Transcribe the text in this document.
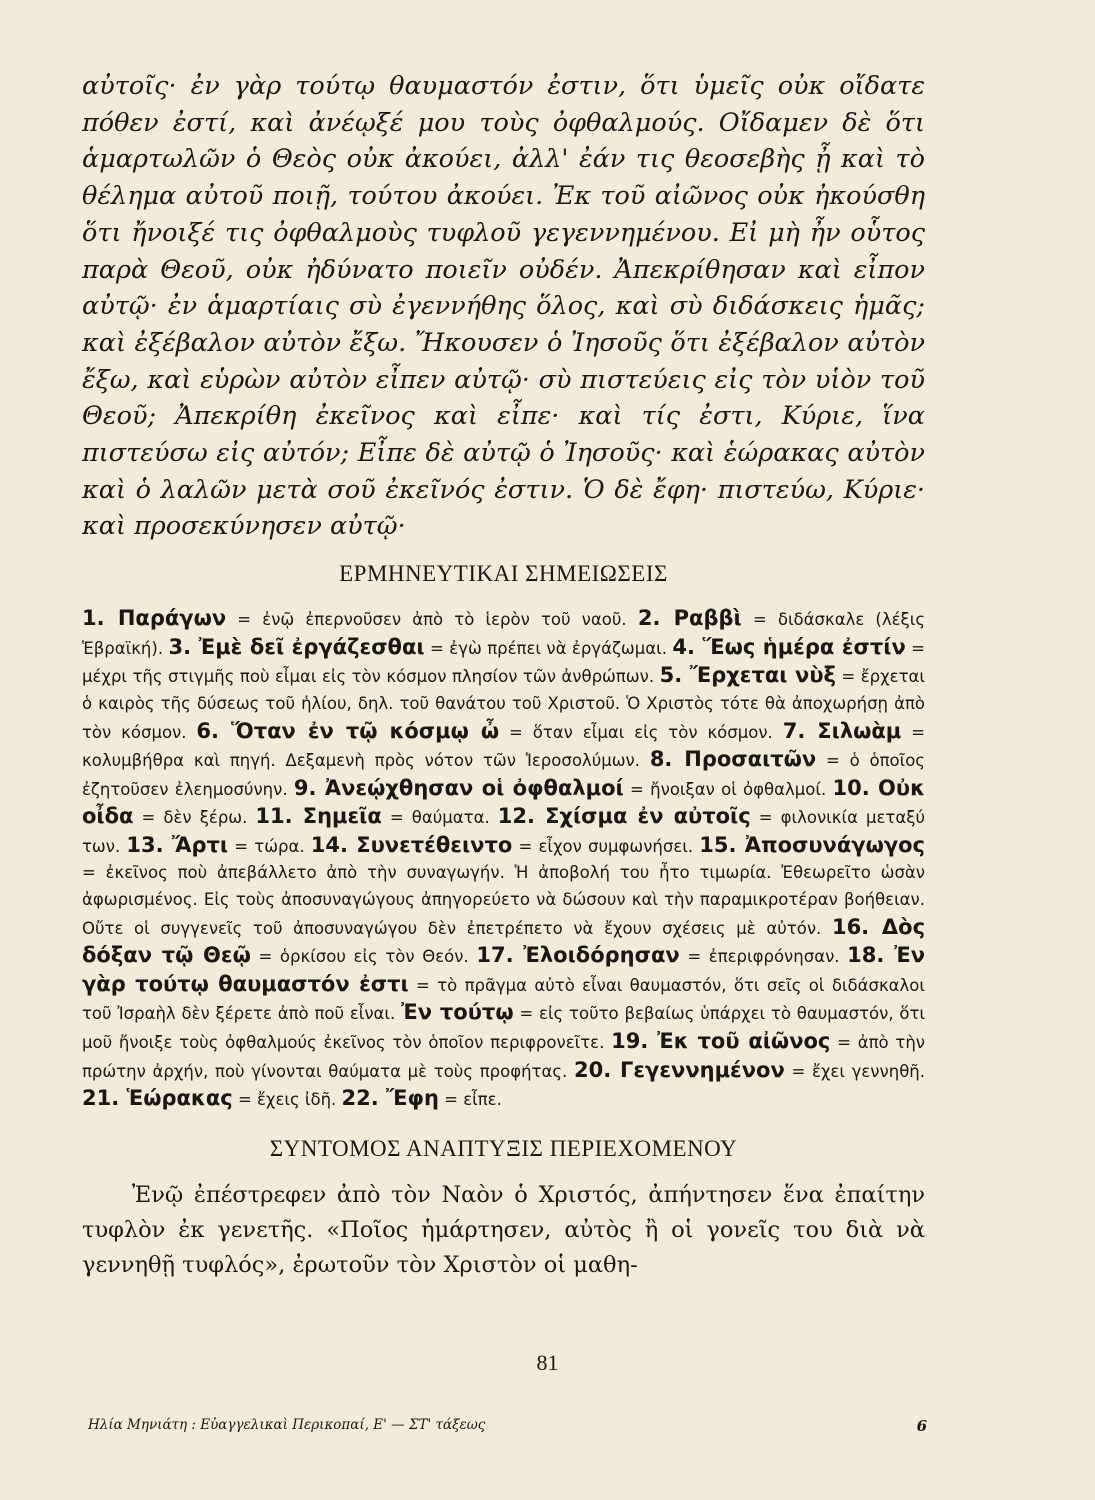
αὐτοῖς· ἐν γὰρ τούτῳ θαυμαστόν ἐστιν, ὅτι ὑμεῖς οὐκ οἴδατε πόθεν ἐστί, καὶ ἀνέῳξέ μου τοὺς ὀφθαλμούς. Οἴδαμεν δὲ ὅτι ἁμαρτωλῶν ὁ Θεὸς οὐκ ἀκούει, ἀλλ' ἐάν τις θεοσεβὴς ᾖ καὶ τὸ θέλημα αὐτοῦ ποιῇ, τούτου ἀκούει. Ἐκ τοῦ αἰῶνος οὐκ ἠκούσθη ὅτι ἤνοιξέ τις ὀφθαλμοὺς τυφλοῦ γεγεννημένου. Εἰ μὴ ἦν οὗτος παρὰ Θεοῦ, οὐκ ἠδύνατο ποιεῖν οὐδέν. Ἀπεκρίθησαν καὶ εἶπον αὐτῷ· ἐν ἁμαρτίαις σὺ ἐγεννήθης ὅλος, καὶ σὺ διδάσκεις ἡμᾶς; καὶ ἐξέβαλον αὐτὸν ἔξω. Ἤκουσεν ὁ Ἰησοῦς ὅτι ἐξέβαλον αὐτὸν ἔξω, καὶ εὑρὼν αὐτὸν εἶπεν αὐτῷ· σὺ πιστεύεις εἰς τὸν υἱὸν τοῦ Θεοῦ; Ἀπεκρίθη ἐκεῖνος καὶ εἶπε· καὶ τίς ἐστι, Κύριε, ἵνα πιστεύσω εἰς αὐτόν; Εἶπε δὲ αὐτῷ ὁ Ἰησοῦς· καὶ ἑώρακας αὐτὸν καὶ ὁ λαλῶν μετὰ σοῦ ἐκεῖνός ἐστιν. Ὁ δὲ ἔφη· πιστεύω, Κύριε· καὶ προσεκύνησεν αὐτῷ·

ΕΡΜΗΝΕΥΤΙΚΑΙ ΣΗΜΕΙΩΣΕΙΣ

1. Παράγων = ἐνῷ ἐπερνοῦσεν ἀπὸ τὸ ἱερὸν τοῦ ναοῦ. 2. Ραββὶ = διδάσκαλε (λέξις Ἑβραϊκή). 3. Ἐμὲ δεῖ ἐργάζεσθαι = ἐγὼ πρέπει νὰ ἐργάζωμαι. 4. Ἕως ἡμέρα ἐστίν = μέχρι τῆς στιγμῆς ποὺ εἶμαι εἰς τὸν κόσμον πλησίον τῶν ἀνθρώπων. 5. Ἔρχεται νὺξ = ἔρχεται ὁ καιρὸς τῆς δύσεως τοῦ ἡλίου, δηλ. τοῦ θανάτου τοῦ Χριστοῦ. Ὁ Χριστὸς τότε θὰ ἀποχωρήσῃ ἀπὸ τὸν κόσμον. 6. Ὅταν ἐν τῷ κόσμῳ ὦ = ὅταν εἶμαι εἰς τὸν κόσμον. 7. Σιλωὰμ = κολυμβήθρα καὶ πηγή. Δεξαμενὴ πρὸς νότον τῶν Ἱεροσολύμων. 8. Προσαιτῶν = ὁ ὁποῖος ἐζητοῦσεν ἐλεημοσύνην. 9. Ἀνεῴχθησαν οἱ ὀφθαλμοί = ἤνοιξαν οἱ ὀφθαλμοί. 10. Οὐκ οἶδα = δὲν ξέρω. 11. Σημεῖα = θαύματα. 12. Σχίσμα ἐν αὐτοῖς = φιλονικία μεταξύ των. 13. Ἄρτι = τώρα. 14. Συνετέθειντο = εἶχον συμφωνήσει. 15. Ἀποσυνάγωγος = ἐκεῖνος ποὺ ἀπεβάλλετο ἀπὸ τὴν συναγωγήν. Ἡ ἀποβολή του ἦτο τιμωρία. Ἐθεωρεῖτο ὡσὰν ἀφωρισμένος. Εἰς τοὺς ἀποσυναγώγους ἀπηγορεύετο νὰ δώσουν καὶ τὴν παραμικροτέραν βοήθειαν. Οὔτε οἱ συγγενεῖς τοῦ ἀποσυναγώγου δὲν ἐπετρέπετο νὰ ἔχουν σχέσεις μὲ αὐτόν. 16. Δὸς δόξαν τῷ Θεῷ = ὁρκίσου εἰς τὸν Θεόν. 17. Ἐλοιδόρησαν = ἐπεριφρόνησαν. 18. Ἐν γὰρ τούτῳ θαυμαστόν ἐστι = τὸ πρᾶγμα αὐτὸ εἶναι θαυμαστόν, ὅτι σεῖς οἱ διδάσκαλοι τοῦ Ἰσραὴλ δὲν ξέρετε ἀπὸ ποῦ εἶναι. Ἐν τούτῳ = εἰς τοῦτο βεβαίως ὑπάρχει τὸ θαυμαστόν, ὅτι μοῦ ἤνοιξε τοὺς ὀφθαλμούς ἐκεῖνος τὸν ὁποῖον περιφρονεῖτε. 19. Ἐκ τοῦ αἰῶνος = ἀπὸ τὴν πρώτην ἀρχήν, ποὺ γίνονται θαύματα μὲ τοὺς προφήτας. 20. Γεγεννημένον = ἔχει γεννηθῆ. 21. Ἑώρακας = ἔχεις ἰδῆ. 22. Ἔφη = εἶπε.

ΣΥΝΤΟΜΟΣ ΑΝΑΠΤΥΞΙΣ ΠΕΡΙΕΧΟΜΕΝΟΥ

Ἐνῷ ἐπέστρεφεν ἀπὸ τὸν Ναὸν ὁ Χριστός, ἀπήντησεν ἕνα ἐπαίτην τυφλὸν ἐκ γενετῆς. «Ποῖος ἡμάρτησεν, αὐτὸς ἢ οἱ γονεῖς του διὰ νὰ γεννηθῇ τυφλός», ἐρωτοῦν τὸν Χριστὸν οἱ μαθη-

81
Ηλία Μηνιάτη : Εὐαγγελικαὶ Περικοπαί, Ε' — ΣΤ' τάξεως	6
